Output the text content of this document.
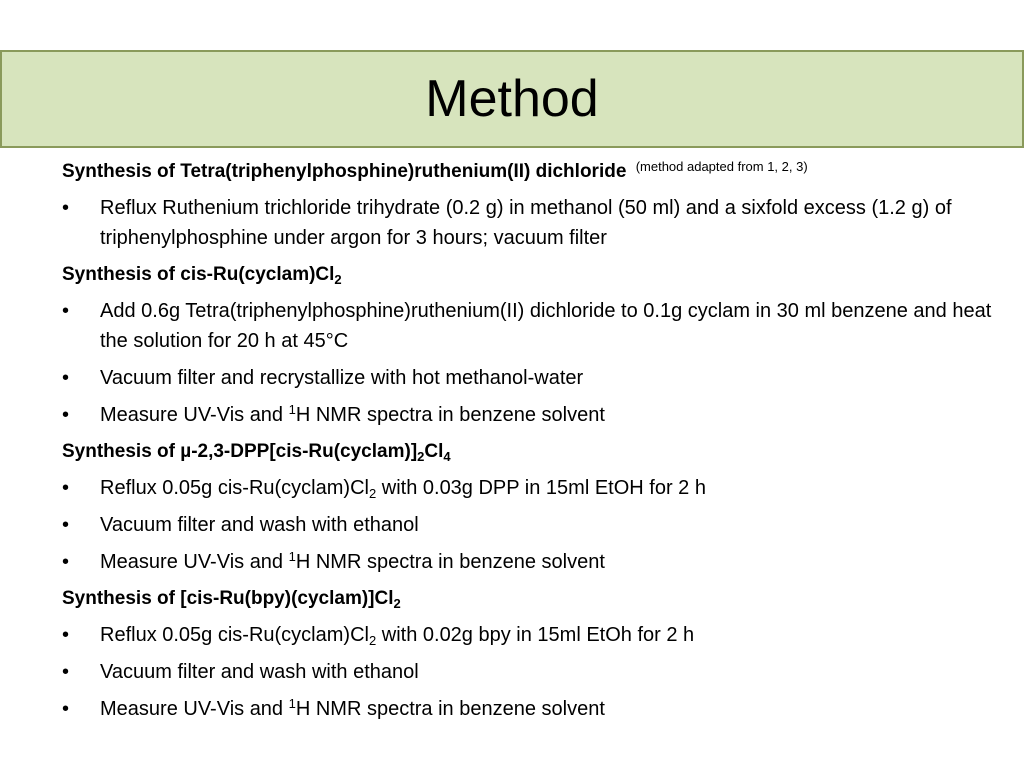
Method
Synthesis of Tetra(triphenylphosphine)ruthenium(II) dichloride $^{(method adapted from 1, 2, 3)}$
•	Reflux Ruthenium trichloride trihydrate (0.2 g) in methanol (50 ml) and a sixfold excess (1.2 g) of triphenylphosphine under argon for 3 hours; vacuum filter
Synthesis of cis-$Ru(cyclam)Cl_2$
•	Add 0.6g Tetra(triphenylphosphine)ruthenium(II) dichloride to 0.1g cyclam in 30 ml benzene and heat the solution for 20 h at 45°C
•	Vacuum filter and recrystallize with hot methanol-water
•	Measure UV-Vis and $^1$H NMR spectra in benzene solvent
Synthesis of $\mu-2,3-DPP[cis-Ru(cyclam)]_2Cl_4$
•	Reflux 0.05g cis-$Ru(cyclam)Cl_2$ with 0.03g DPP in 15ml EtOH for 2 h
•	Vacuum filter and wash with ethanol
•	Measure UV-Vis and $^1$H NMR spectra in benzene solvent
Synthesis of $[cis-Ru(bpy)(cyclam)]Cl_2$
•	Reflux 0.05g cis-$Ru(cyclam)Cl_2$ with 0.02g bpy in 15ml EtOh for 2 h
•	Vacuum filter and wash with ethanol
•	Measure UV-Vis and $^1$H NMR spectra in benzene solvent
